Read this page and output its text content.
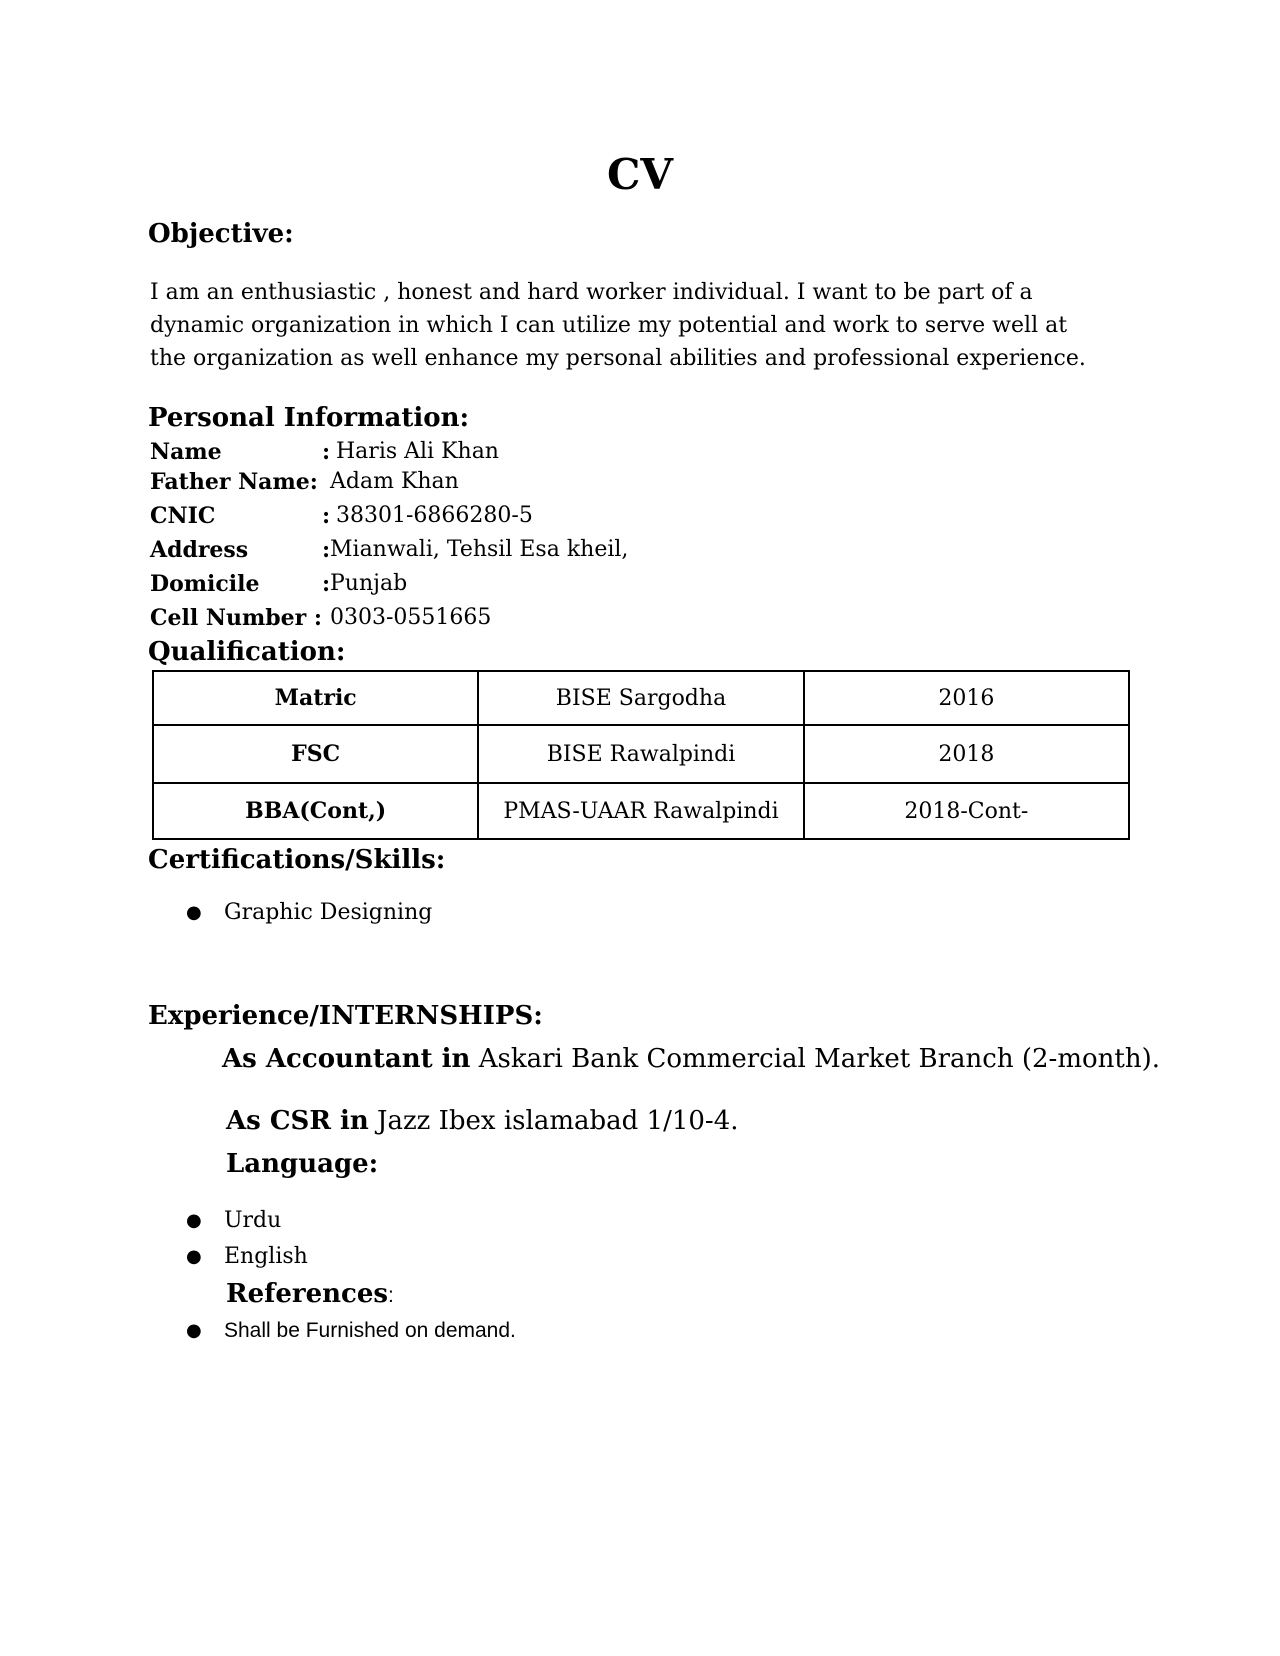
CV
Objective:
I am an enthusiastic , honest and hard worker individual. I want to be part of a dynamic organization in which I can utilize my potential and work to serve well at the organization as well enhance my personal abilities and professional experience.
Personal Information:
Name	: Haris Ali Khan
Father Name: Adam Khan
CNIC	: 38301-6866280-5
Address	: Mianwali, Tehsil Esa kheil,
Domicile	: Punjab
Cell Number : 0303-0551665
Qualification:
Matric	BISE Sargodha	2016
FSC	BISE Rawalpindi	2018
BBA(Cont,)	PMAS-UAAR Rawalpindi	2018-Cont-
Certifications/Skills:
● Graphic Designing
Experience/INTERNSHIPS:
As Accountant in Askari Bank Commercial Market Branch (2-month).
As CSR in Jazz Ibex islamabad 1/10-4.
Language:
● Urdu
● English
References:
● Shall be Furnished on demand.
